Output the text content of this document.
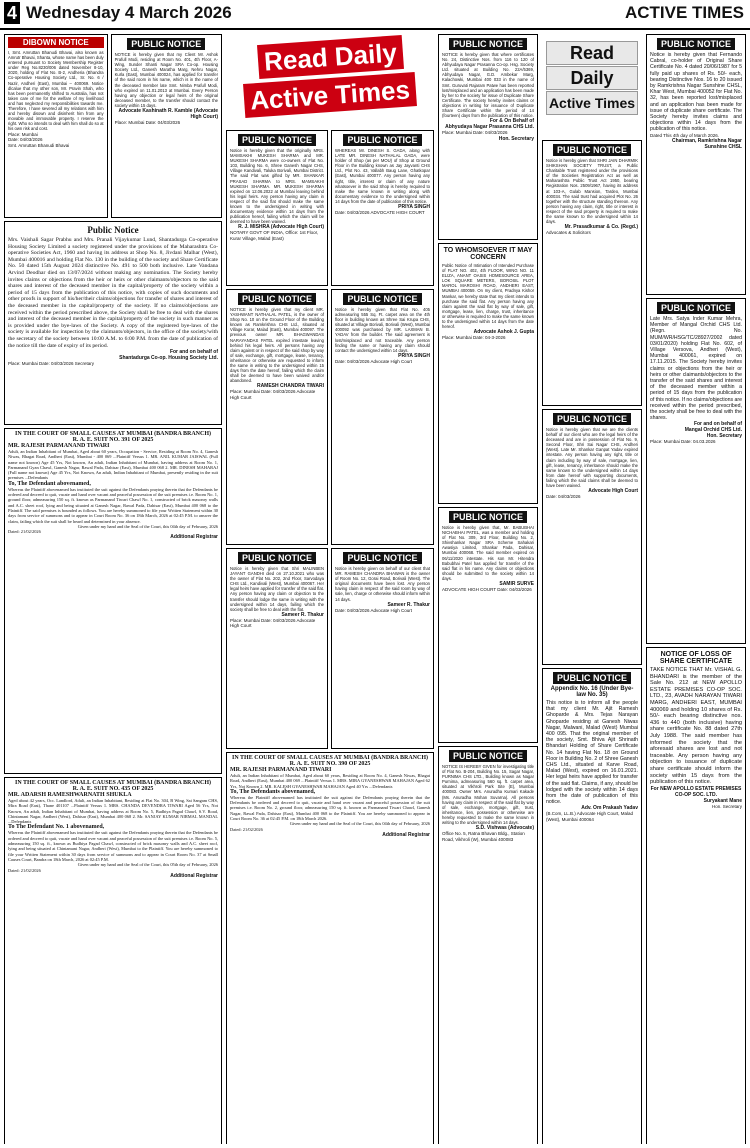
4 Wednesday 4 March 2026	ACTIVE TIMES
DIBOWN NOTICE
I, Smt. Amruttan Bhanudi Bhavai, also known as Amrutr Bhavai, Shanta, whose name has been duly entered pursuant to Society Membership Register under Reg No.8230/006 dated November 8-10, 2020, holding of Flat No. B-2, Andheria (Bhandra Co-operative Housing Society Ltd., Sr. No. 6 / Nazir, Andheri (East), Mumbai – 400069. Notice dlcalue that my other son, Mr. Pravin Shah, who has been permanently shifted to Australia, has not taken care of me for the welfare of my livelihood and has neglected my responsibilities towards me. Therefore, I have severed all my relations with him and hereby disown and disinherit him from any movable and immovable property. I reserve the right. Who so intends to deal with him shall do so at his own risk and cost.
Place: Mumbai
Date: 04/03/2026
Smt. Amruttan Bhanudi Bhavai
PUBLIC NOTICE
NOTICE is hereby given that my Client Mr. Ashok Prafull Modi, residing at Room No. 401, 4th Floor, A-Wing, Sunder Shanti Nagar SRA Co-op. Housing Society Ltd., Ganesh Maratha Marg, Nehru Nagar, Kurla (East), Mumbai 400024, has applied for transfer of the said room in his name, which is in the name of the deceased member late Smt. Nimba Prafull Modi, who expired on 11.01.2013 at Mumbai. Every Person having any objection or legal heirs of the original deceased member, to the transfer should contact the society within 15 days.
Advocate Kashinath R. Kamble (Advocate High Court)
Place: Mumbai Date: 04/03/2026
Public Notice
Mrs. Vaishali Sagar Prabhu and Mrs. Pranali Vijaykumar Lund, Shantadurga Co-operative Housing Society Limited a society registered under the provisions of the Maharashtra Co-operative Societies Act, 1960 and having its address at Shop No. 8, Jivdani Malhar (West), Mumbai 400016 and holding Flat No. 130 in the building of the society and Share Certificate No. 50 dated 15th August 2024 distinctive No. 491 to 500 both inclusive. Late Vandana Arvind Deodhar died on 13/07/2024 without making any nomination. The Society hereby invites claims or objections from the heir or heirs or other claimants/objectors to the said shares and interest of the deceased member in the capital/property of the society within a period of 15 days from the publication of this notice, with copies of such documents and other proofs in support of his/her/their claims/objections for transfer of shares and interest of the deceased member in the capital/property of the society. If no claims/objections are received within the period prescribed above, the Society shall be free to deal with the shares and interest of the deceased member in the capital/property of the society in such manner as is provided under the bye-laws of the Society. A copy of the registered bye-laws of the society is available for inspection by the claimants/objectors, in the office of the society/with the secretary of the society between 10:00 A.M. to 6:00 P.M. from the date of publication of the notice till the date of expiry of its period.
For and on behalf of
Shantadurga Co-op. Housing Society Ltd.
Place: Mumbai Date: 04/03/2026 Secretary
IN THE COURT OF SMALL CAUSES AT MUMBAI (BANDRA BRANCH)
R. A. E. SUIT NO. 391 OF 2025
MR. RAJESH PARMANAND TIWARI
Adult, an Indian Inhabitant of Mumbai, Aged about 60 years, Occupation - Service, Residing at Room No. 4, Ganesh Niwas, Bhagat Road, Andheri (East), Mumbai - 400 069 ...Plaintiff Versus 1. MR. ANIL KUMAR JAISWAL (Full name not known) Age 45 Yrs, Not known, An adult, Indian Inhabitant of Mumbai, having address at Room No. 1, Parmanand Gyan Chawl, Ganesh Nagar, Rawal Pada, Dahisar (East), Mumbai 400 068 2. MR. DINESH MAHARAJ (Full name not known) Age 45 Yrs, Not Known, An adult, Indian Inhabitant of Mumbai, presently residing in the suit premises ...Defendants
To, The Defendant abovenamed,
Whereas the Plaintiff abovenamed has instituted the suit against the Defendants praying therein that the Defendants be ordered and decreed to quit, vacate and hand over vacant and peaceful possession of the suit premises i.e. Room No. 1, ground floor, admeasuring 150 sq. ft. known as Parmanand Tiwari Chawl No. 1, constructed of brick masonry walls and A.C. sheet roof, lying and being situated at Ganesh Nagar, Rawal Pada, Dahisar (East), Mumbai 400 068 to the Plaintiff. The said premises is bounded as follows. You are hereby summoned to file your Written Statement within 30 days from service of summons and to appear in Court Room No. 36 on 18th March, 2026 at 02:45 P.M. to answer the claim, failing which the suit shall be heard and determined in your absence.
Given under my hand and the Seal of the Court, this 04th day of February, 2026
Dated: 21/02/2026
Additional Registrar
IN THE COURT OF SMALL CAUSES AT MUMBAI (BANDRA BRANCH)
R. A. E. SUIT NO. 435 OF 2025
MR. ADARSH RAMESHWARNATH SHUKLA
Aged about 42 years, Occ. Landlord, Adult, an Indian Inhabitant, Residing at Flat No. 304, B Wing, Sai Sangam CHS, Mira Road (East), Thane 401107 ...Plaintiff Versus 1. MRS. CHANDA DEVENDRA TIWARI Aged 56 Yrs, Not Known, An adult, Indian Inhabitant of Mumbai, having address at Room No. 5, Budhiya Pagad Chawl, S.V. Road, Chintamani Nagar, Andheri (West), Dahisar (East), Mumbai 400 068 2. Mr. SANJAY KUMAR NIRMAL MANDAL ...Defendants
To The Defendant No. 1 abovenamed,
Whereas the Plaintiff abovenamed has instituted the suit against the Defendants praying therein that the Defendants be ordered and decreed to quit, vacate and hand over vacant and peaceful possession of the suit premises i.e. Room No. 5, admeasuring 150 sq. ft., known as Budhiya Pagad Chawl, constructed of brick masonry walls and A.C. sheet roof, lying and being situated at Chintamani Nagar, Andheri (West), Mumbai to the Plaintiff. You are hereby summoned to file your Written Statement within 30 days from service of summons and to appear in Court Room No. 37 at Small Causes Court, Bandra on 18th March, 2026 at 02:45 P.M.
Given under my hand and the Seal of the Court, this 05th day of February, 2026
Dated: 21/02/2026
Additional Registrar
Read Daily
Active Times
PUBLIC NOTICE
Notice is hereby given that the originally MRS. MAMSAKHI MUKESH SHARMA and MR. MUKESH SHARMA were co-owners of Flat No. 103, Building No. 6, Shree Ganesh Nagar CHS, Village Kandivali, Taluka Borivali, Mumbai District. The said Flat was gifted by MR. SHANKAR PRASAD SHARMA to MRS. MAMSAKHI MUKESH SHARMA. MR. MUKESH SHARMA expired on 12.06.2022 at Mumbai leaving behind his legal heirs. Any person having any claim in respect of the said flat should make the same known to the undersigned in writing with documentary evidence within 14 days from the publication hereof, failing which the claim will be deemed to have been waived.
R. J. MISHRA (Advocate High Court)
NOTARY GOVT OF INDIA, Office: 1st Floor, Kurar Village, Malad (East)
PUBLIC NOTICE
NOTICE is hereby given that my client MR. YASHWANT NATHALAL PATEL, is the owner of Shop No. 10 on the Ground Floor of the Building known as Ramkrishna CHS Ltd., situated at Village Kurar, Malad (East), Mumbai 400097. The previous owner MR. BHAGWANDAS NARAYANDAS PATEL expired intestate leaving behind his legal heirs. All persons having any claim against or in respect of the said shop by way of sale, exchange, gift, mortgage, lease, tenancy, inheritance or otherwise are requested to inform the same in writing to the undersigned within 15 days from the date hereof, failing which the claim shall be deemed to have been waived and/or abandoned.
RAMESH CHANDRA TIWARI
Place: Mumbai Date: 04/03/2026 Advocate High Court
PUBLIC NOTICE
Notice is hereby given that Shri MALINBEN JAYANT GANDHI died on 27.10.2021 who was the owner of Flat No. 202, 2nd Floor, Sarvodaya CHS Ltd., Kandivali (West), Mumbai 400067. Her legal heirs have applied for transfer of the said flat. Any person having any claim or objection to the transfer should lodge the same in writing with the undersigned within 14 days, failing which the society shall be free to deal with the flat.
Sameer R. Thakur
Place: Mumbai Date: 04/03/2026 Advocate High Court
PUBLIC NOTICE
WHEREAS Mr. DINESH S. GADA, along with LATE MR. DINESH NATHALAL GADA, were holder of Shop (as per MOU) of Shop at Ground Floor in the Building known as Jay Jayvanti CHS Ltd., Plot No. 43, Vallabh Baug Lane, Ghatkopar (East), Mumbai 400077. Any person having any right, title, interest or claim of any nature whatsoever in the said Shop is hereby required to make the same known in writing along with documentary evidence to the undersigned within 14 days from the date of publication of this notice.
PRIYA SINGH
Date: 04/03/2026 ADVOCATE HIGH COURT
PUBLIC NOTICE
Notice is hereby given that Flat No. 405 admeasuring 555 Sq. Ft. carpet area on the 4th floor in building known as Shree Sai Krupa CHS, situated at Village Borivali, Borivali (West), Mumbai 400092 was purchased by MR. LAXMAN B. YADAV from the builder. The said agreement is lost/misplaced and not traceable. Any person finding the same or having any claim should contact the undersigned within 14 days.
PRIYA SINGH
Date: 04/03/2026 Advocate High Court
PUBLIC NOTICE
Notice is hereby given on behalf of our client that MR. RAMESH CHANDRA BHAWAN is the owner of Room No. 12, Gorai Road, Borivali (West). The original documents have been lost. Any person having claim in respect of the said room by way of sale, lien, charge or otherwise should inform within 14 days.
Sameer R. Thakur
Date: 04/03/2026 Advocate High Court
IN THE COURT OF SMALL CAUSES AT MUMBAI (BANDRA BRANCH)
R. A. E. SUIT NO. 390 OF 2025
MR. RAJESH PARMANAND TIWARI
Adult, an Indian Inhabitant of Mumbai, Aged about 60 years, Residing at Room No. 4, Ganesh Niwas, Bhagat Road, Andheri (East), Mumbai 400 069 ...Plaintiff Versus 1. MRS. MIRA GYANESHWAR MAHAJAN Aged 62 Yrs, Not Known 2. MR. KALESH GYANESHWAR MAHAJAN Aged 40 Yrs ...Defendants
To, The Defendants abovenamed,
Whereas the Plaintiff abovenamed has instituted the suit against the Defendants praying therein that the Defendants be ordered and decreed to quit, vacate and hand over vacant and peaceful possession of the suit premises i.e. Room No. 2, ground floor, admeasuring 150 sq. ft. known as Parmanand Tiwari Chawl, Ganesh Nagar, Rawal Pada, Dahisar (East), Mumbai 400 068 to the Plaintiff. You are hereby summoned to appear in Court Room No. 36 at 02:45 P.M. on 18th March 2026.
Given under my hand and the Seal of the Court, this 04th day of February, 2026
Dated: 21/02/2026
Additional Registrar
PUBLIC NOTICE
NOTICE is hereby given that where certificates No. 24, Distinctive Nos. from 116 to 120 of Abhyudaya Nagar Prasanna Co-op. Hsg. Society Ltd. situated at Building No. 22A/5369, Abhyudaya Nagar, G.D. Ambekar Marg, Kalachowki, Mumbai 400 033 in the name of Smt. Guruvati Rajaram Patwe has been reported lost/misplaced and an application has been made by her to the society for issue of Duplicate Share Certificate. The society hereby invites claims or objections in writing for issuance of Duplicate Share Certificate within the period of 14 (fourteen) days from the publication of this notice.
For & On Behalf of
Abhyudaya Nagar Prasanna CHS Ltd.
Place: Mumbai Date: 04/03/2026
Hon. Secretary
TO WHOMSOEVER IT MAY CONCERN
Public Notice of Intimation of Intended Purchase of FLAT NO. 402, 4th FLOOR, WING NO. 11 ELIZA, ANANT OASIS HOMESOURCE AREA, LOK SQUARE METERS, BOROSIL PLOT MAROL MAROSHI ROAD, ANDHERI EAST, MUMBAI 400059. On my client, Pradnya Kishor Mankar, we hereby state that my client intends to purchase the said flat. Any person having any claim against the said flat by way of sale, gift, mortgage, lease, lien, charge, trust, inheritance or otherwise is required to make the same known to the undersigned within 14 days from the date hereof.
Advocate Ashok J. Gupta
Place: Mumbai Date: 04-3-2026
PUBLIC NOTICE
Notice is hereby given that, Mr. BABUBHAI NICHABHAI PATEL, was a member and holding of Flat No. 309, 3rd Floor, Building No. 2, Shivshankar Nagar SRA Scheme Sahakari Awasiya Limited, Shankar Pada, Dahisar, Mumbai 400068. The said member expired on 06/11/2020 intestate. His son Mr. Hitendra Babubhai Patel has applied for transfer of the said flat in his name. Any claims or objections should be submitted to the society within 14 days.
SAMIR SURVE
ADVOCATE HIGH COURT Date: 04/03/2026
PUBLIC NOTICE
NOTICE IS HEREBY GIVEN for investigating title of Flat No. B-204, Building No. 15, Sagar Nagar, PURNIMA CHS LTD., Building known as Nagar Purnima, admeasuring 560 sq. ft. carpet area, situated at Vikhroli Park Site (E), Mumbai 400083. Owner Mrs. Anuradha Kumari Kakade (Ms. Anuradha Mohan Suvarna). All persons having any claim in respect of the said flat by way of sale, exchange, mortgage, gift, trust, inheritance, lien, possession or otherwise are hereby requested to make the same known in writing to the undersigned within 14 days.
S.D. Vishwas (Advocate)
Office No. 5, Ratna Bhavan Bldg., Station Road, Vikhroli (W), Mumbai 400083
Read
Daily
Active Times
PUBLIC NOTICE
Notice is hereby given that SHRI JAIN DHARMIK SHIKSHAN SOCIETY TRUST, a Public Charitable Trust registered under the provisions of the Societies Registration Act as well as Maharashtra Public Trust Act 1950, bearing Registration Nos. 2509/1967, having its address at 103-A, Gulab Mansion, Tardeo, Mumbai 400034. The said trust had acquired Plot No. 26 together with the structure standing thereon. Any person having any claim, right, title or interest in respect of the said property is required to make the same known to the undersigned within 14 days.
Mr. Prasadkumar & Co. (Regd.)
Advocates & Solicitors
PUBLIC NOTICE
Notice is hereby given that we are the clients behalf of our client who are the legal heirs of the deceased and are in possession of Flat No. 9, Second Floor, Shri Sai Nagar CHS, Andheri (West). Late Mr. Shankar Ganpat Yadav expired intestate. Any person having any right, title or claim including by way of sale, mortgage, lien, gift, lease, tenancy, inheritance should make the same known to the undersigned within 14 days from date hereof with supporting documents, failing which the said claims shall be deemed to have been waived.
Advocate High Court
Date: 04/03/2026
PUBLIC NOTICE
Appendix No. 16 (Under Bye-law No. 35)
This notice is to inform all the people that my client Mr. Ajit Ramesh Ghoparde & Mrs. Tejas Narayan Ghoparde residing at Ganesh Niwas Nagar, Malwani, Malad (West) Mumbai 400 095. That the original member of the society, Smt. Bhiva Ajit Shrinath Bhandari Holding of Share Certificate No. 14 having Flat No. 18 on Ground Floor in Building No. 2 of Shree Ganesh CHS Ltd., situated at Karve Road, Malad (West), expired on 16.01.2021. Her legal heirs have applied for transfer of the said flat. Claims, if any, should be lodged with the society within 14 days from the date of publication of this notice.
Adv. Om Prakash Yadav
(B.Com, LL.B.) Advocate High Court, Malad (West), Mumbai 400064
PUBLIC NOTICE
Notice is hereby given that Fernando Cabral, co-holder of Original Share Certificate No. 4 dated 20/06/1987 for 5 fully paid up shares of Rs. 50/- each, bearing Distinctive Nos. 16 to 20 issued by Ramkrishna Nagar Sunshine CHSL, Khar West, Mumbai 400052 for Flat No. 32, has been reported lost/misplaced and an application has been made for issue of duplicate share certificate. The Society hereby invites claims and objections within 14 days from the publication of this notice.
Dated This 4th day of March 2026.
Chairman, Ramkrishna Nagar Sunshine CHSL
PUBLIC NOTICE
Late Mrs. Satya Inder Kumar Mehra, Member of Mangal Orchid CHS Ltd. (Regn. No. MUM/WR/HSG/TC/28927/2002 dated 03/01/2020) holding Flat No. 602, of Village Versova, Andheri (West), Mumbai 400061, expired on 17.11.2015. The Society hereby invites claims or objections from the heir or heirs or other claimants/objectors to the transfer of the said shares and interest of the deceased member within a period of 15 days from the publication of this notice. If no claims/objections are received within the period prescribed, the society shall be free to deal with the shares.
For and on behalf of
Mangal Orchid CHS Ltd.
Hon. Secretary
Place: Mumbai Date: 04.03.2026
NOTICE OF LOSS OF SHARE CERTIFICATE
TAKE NOTICE THAT Mr. VISHAL G. BHANDARI is the member of the Sale No. 212 at NEW APOLLO ESTATE PREMISES CO-OP SOC. LTD., 23, AVADH NARAYAN TIWARI MARG, ANDHERI EAST, MUMBAI 400069 and holding 10 shares of Rs. 50/- each bearing distinctive nos. 436 to 440 (both inclusive) having share certificate No. 88 dated 27th July 1988. The said member has informed the society that the aforesaid shares are lost and not traceable. Any person having any objection to issuance of duplicate share certificate should inform the society within 15 days from the publication of this notice.
For NEW APOLLO ESTATE PREMISES CO-OP SOC. LTD.
Suryakant Mane
Hon. Secretary
